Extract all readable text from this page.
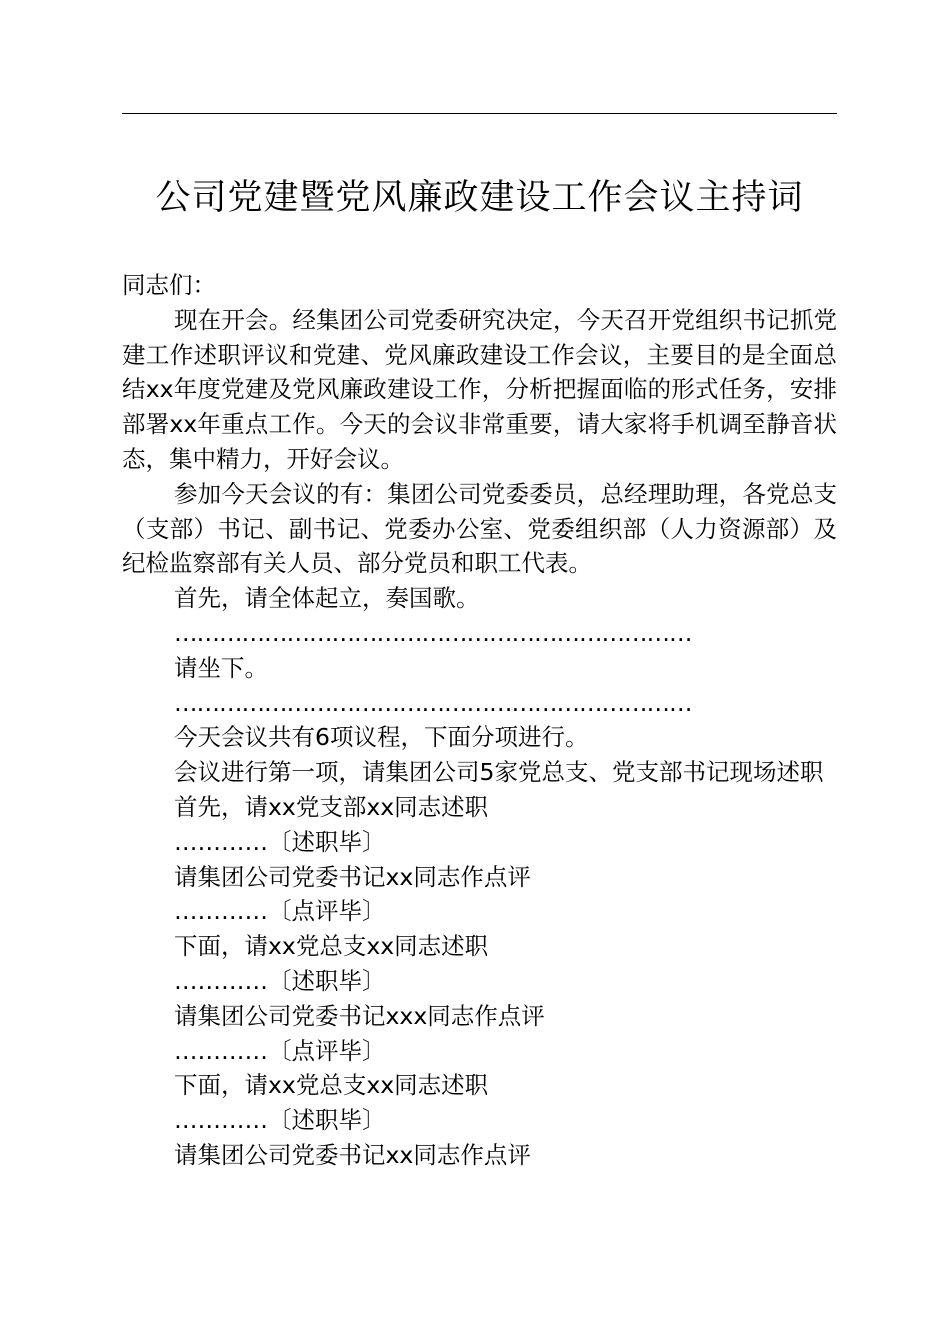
公司党建暨党风廉政建设工作会议主持词

同志们：

现在开会。经集团公司党委研究决定，今天召开党组织书记抓党建工作述职评议和党建、党风廉政建设工作会议，主要目的是全面总结xx年度党建及党风廉政建设工作，分析把握面临的形式任务，安排部署xx年重点工作。今天的会议非常重要，请大家将手机调至静音状态，集中精力，开好会议。

参加今天会议的有：集团公司党委委员，总经理助理，各党总支（支部）书记、副书记、党委办公室、党委组织部（人力资源部）及纪检监察部有关人员、部分党员和职工代表。

首先，请全体起立，奏国歌。

……………………………………………………………

请坐下。

……………………………………………………………

今天会议共有6项议程，下面分项进行。

会议进行第一项，请集团公司5家党总支、党支部书记现场述职

首先，请xx党支部xx同志述职

…………〔述职毕〕

请集团公司党委书记xx同志作点评

…………〔点评毕〕

下面，请xx党总支xx同志述职

…………〔述职毕〕

请集团公司党委书记xxx同志作点评

…………〔点评毕〕

下面，请xx党总支xx同志述职

…………〔述职毕〕

请集团公司党委书记xx同志作点评
